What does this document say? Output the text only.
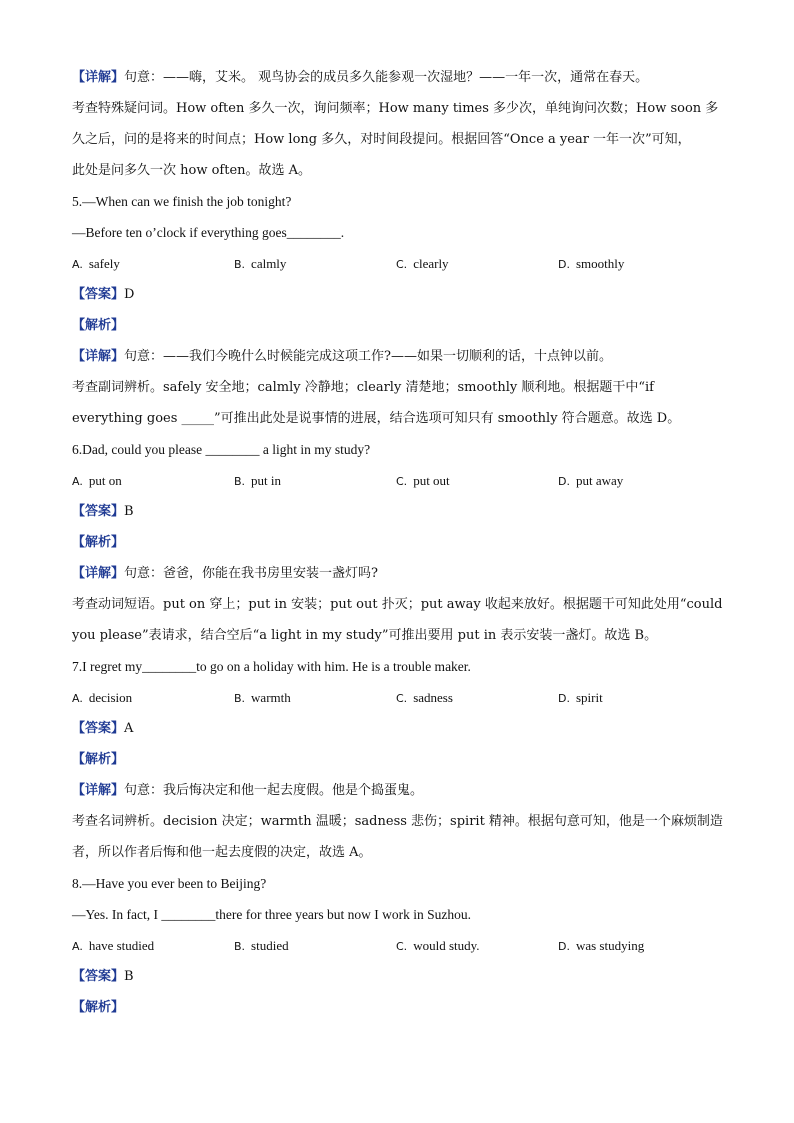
【详解】句意：——嗨，艾米。 观鸟协会的成员多久能参观一次湿地？——一年一次，通常在春天。
考查特殊疑问词。How often 多久一次，询问频率；How many times 多少次，单纯询问次数；How soon 多
久之后，问的是将来的时间点；How long 多久，对时间段提问。根据回答“Once a year 一年一次”可知，
此处是问多久一次 how often。故选 A。
5.—When can we finish the job tonight?
—Before ten o’clock if everything goes________.
A. safely	B. calmly	C. clearly	D. smoothly
【答案】D
【解析】
【详解】句意：——我们今晚什么时候能完成这项工作?——如果一切顺利的话，十点钟以前。
考查副词辨析。safely 安全地；calmly 冷静地；clearly 清楚地；smoothly 顺利地。根据题干中“if
everything goes _____”可推出此处是说事情的进展，结合选项可知只有 smoothly 符合题意。故选 D。
6.Dad, could you please ________ a light in my study?
A. put on	B. put in	C. put out	D. put away
【答案】B
【解析】
【详解】句意：爸爸，你能在我书房里安装一盏灯吗?
考查动词短语。put on 穿上；put in 安装；put out 扑灭；put away 收起来放好。根据题干可知此处用“could
you please”表请求，结合空后“a light in my study”可推出要用 put in 表示安装一盏灯。故选 B。
7.I regret my________to go on a holiday with him. He is a trouble maker.
A. decision	B. warmth	C. sadness	D. spirit
【答案】A
【解析】
【详解】句意：我后悔决定和他一起去度假。他是个捣蛋鬼。
考查名词辨析。decision 决定；warmth 温暖；sadness 悲伤；spirit 精神。根据句意可知，他是一个麻烦制造
者，所以作者后悔和他一起去度假的决定，故选 A。
8.—Have you ever been to Beijing?
—Yes. In fact, I ________there for three years but now I work in Suzhou.
A. have studied	B. studied	C. would study.	D. was studying
【答案】B
【解析】
